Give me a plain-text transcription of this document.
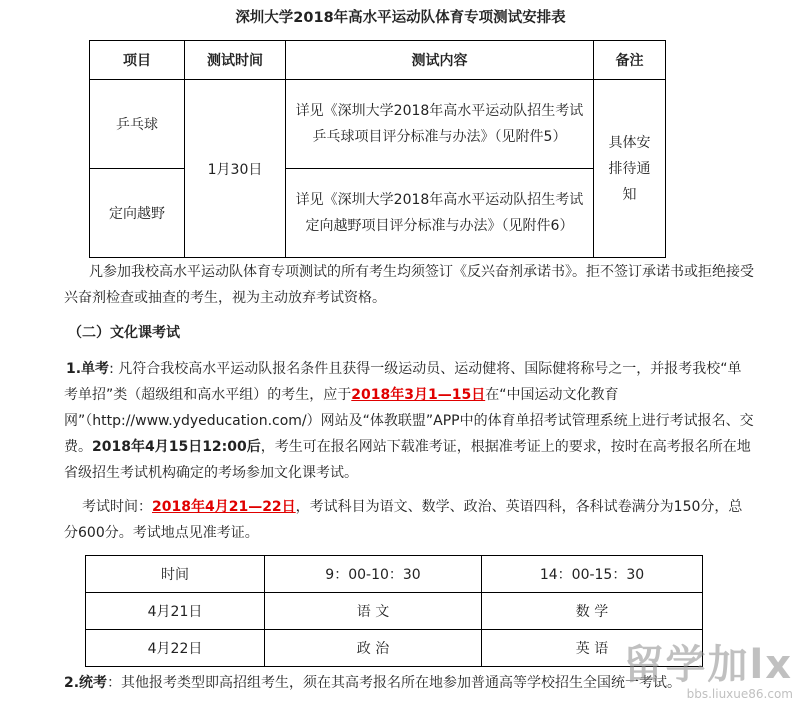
深圳大学2018年高水平运动队体育专项测试安排表
项目	测试时间	测试内容	备注
乒乓球	1月30日	详见《深圳大学2018年高水平运动队招生考试乒乓球项目评分标准与办法》（见附件5）	具体安排待通知

定向越野		详见《深圳大学2018年高水平运动队招生考试定向越野项目评分标准与办法》（见附件6）	
凡参加我校高水平运动队体育专项测试的所有考生均须签订《反兴奋剂承诺书》。拒不签订承诺书或拒绝接受兴奋剂检查或抽查的考生，视为主动放弃考试资格。
（二）文化课考试
1.单考: 凡符合我校高水平运动队报名条件且获得一级运动员、运动健将、国际健将称号之一，并报考我校“单考单招”类（超级组和高水平组）的考生，应于2018年3月1—15日在“中国运动文化教育网”（http://www.ydyeducation.com/）网站及“体教联盟”APP中的体育单招考试管理系统上进行考试报名、交费。2018年4月15日12:00后，考生可在报名网站下载准考证，根据准考证上的要求，按时在高考报名所在地省级招生考试机构确定的考场参加文化课考试。
考试时间：2018年4月21—22日，考试科目为语文、数学、政治、英语四科，各科试卷满分为150分，总分600分。考试地点见准考证。
时间	9：00-10：30	14：00-15：30
4月21日	语 文	数 学
4月22日	政 治	英 语
2.统考：其他报考类型即高招组考生，须在其高考报名所在地参加普通高等学校招生全国统一考试。
留学加lx
bbs.liuxue86.com
